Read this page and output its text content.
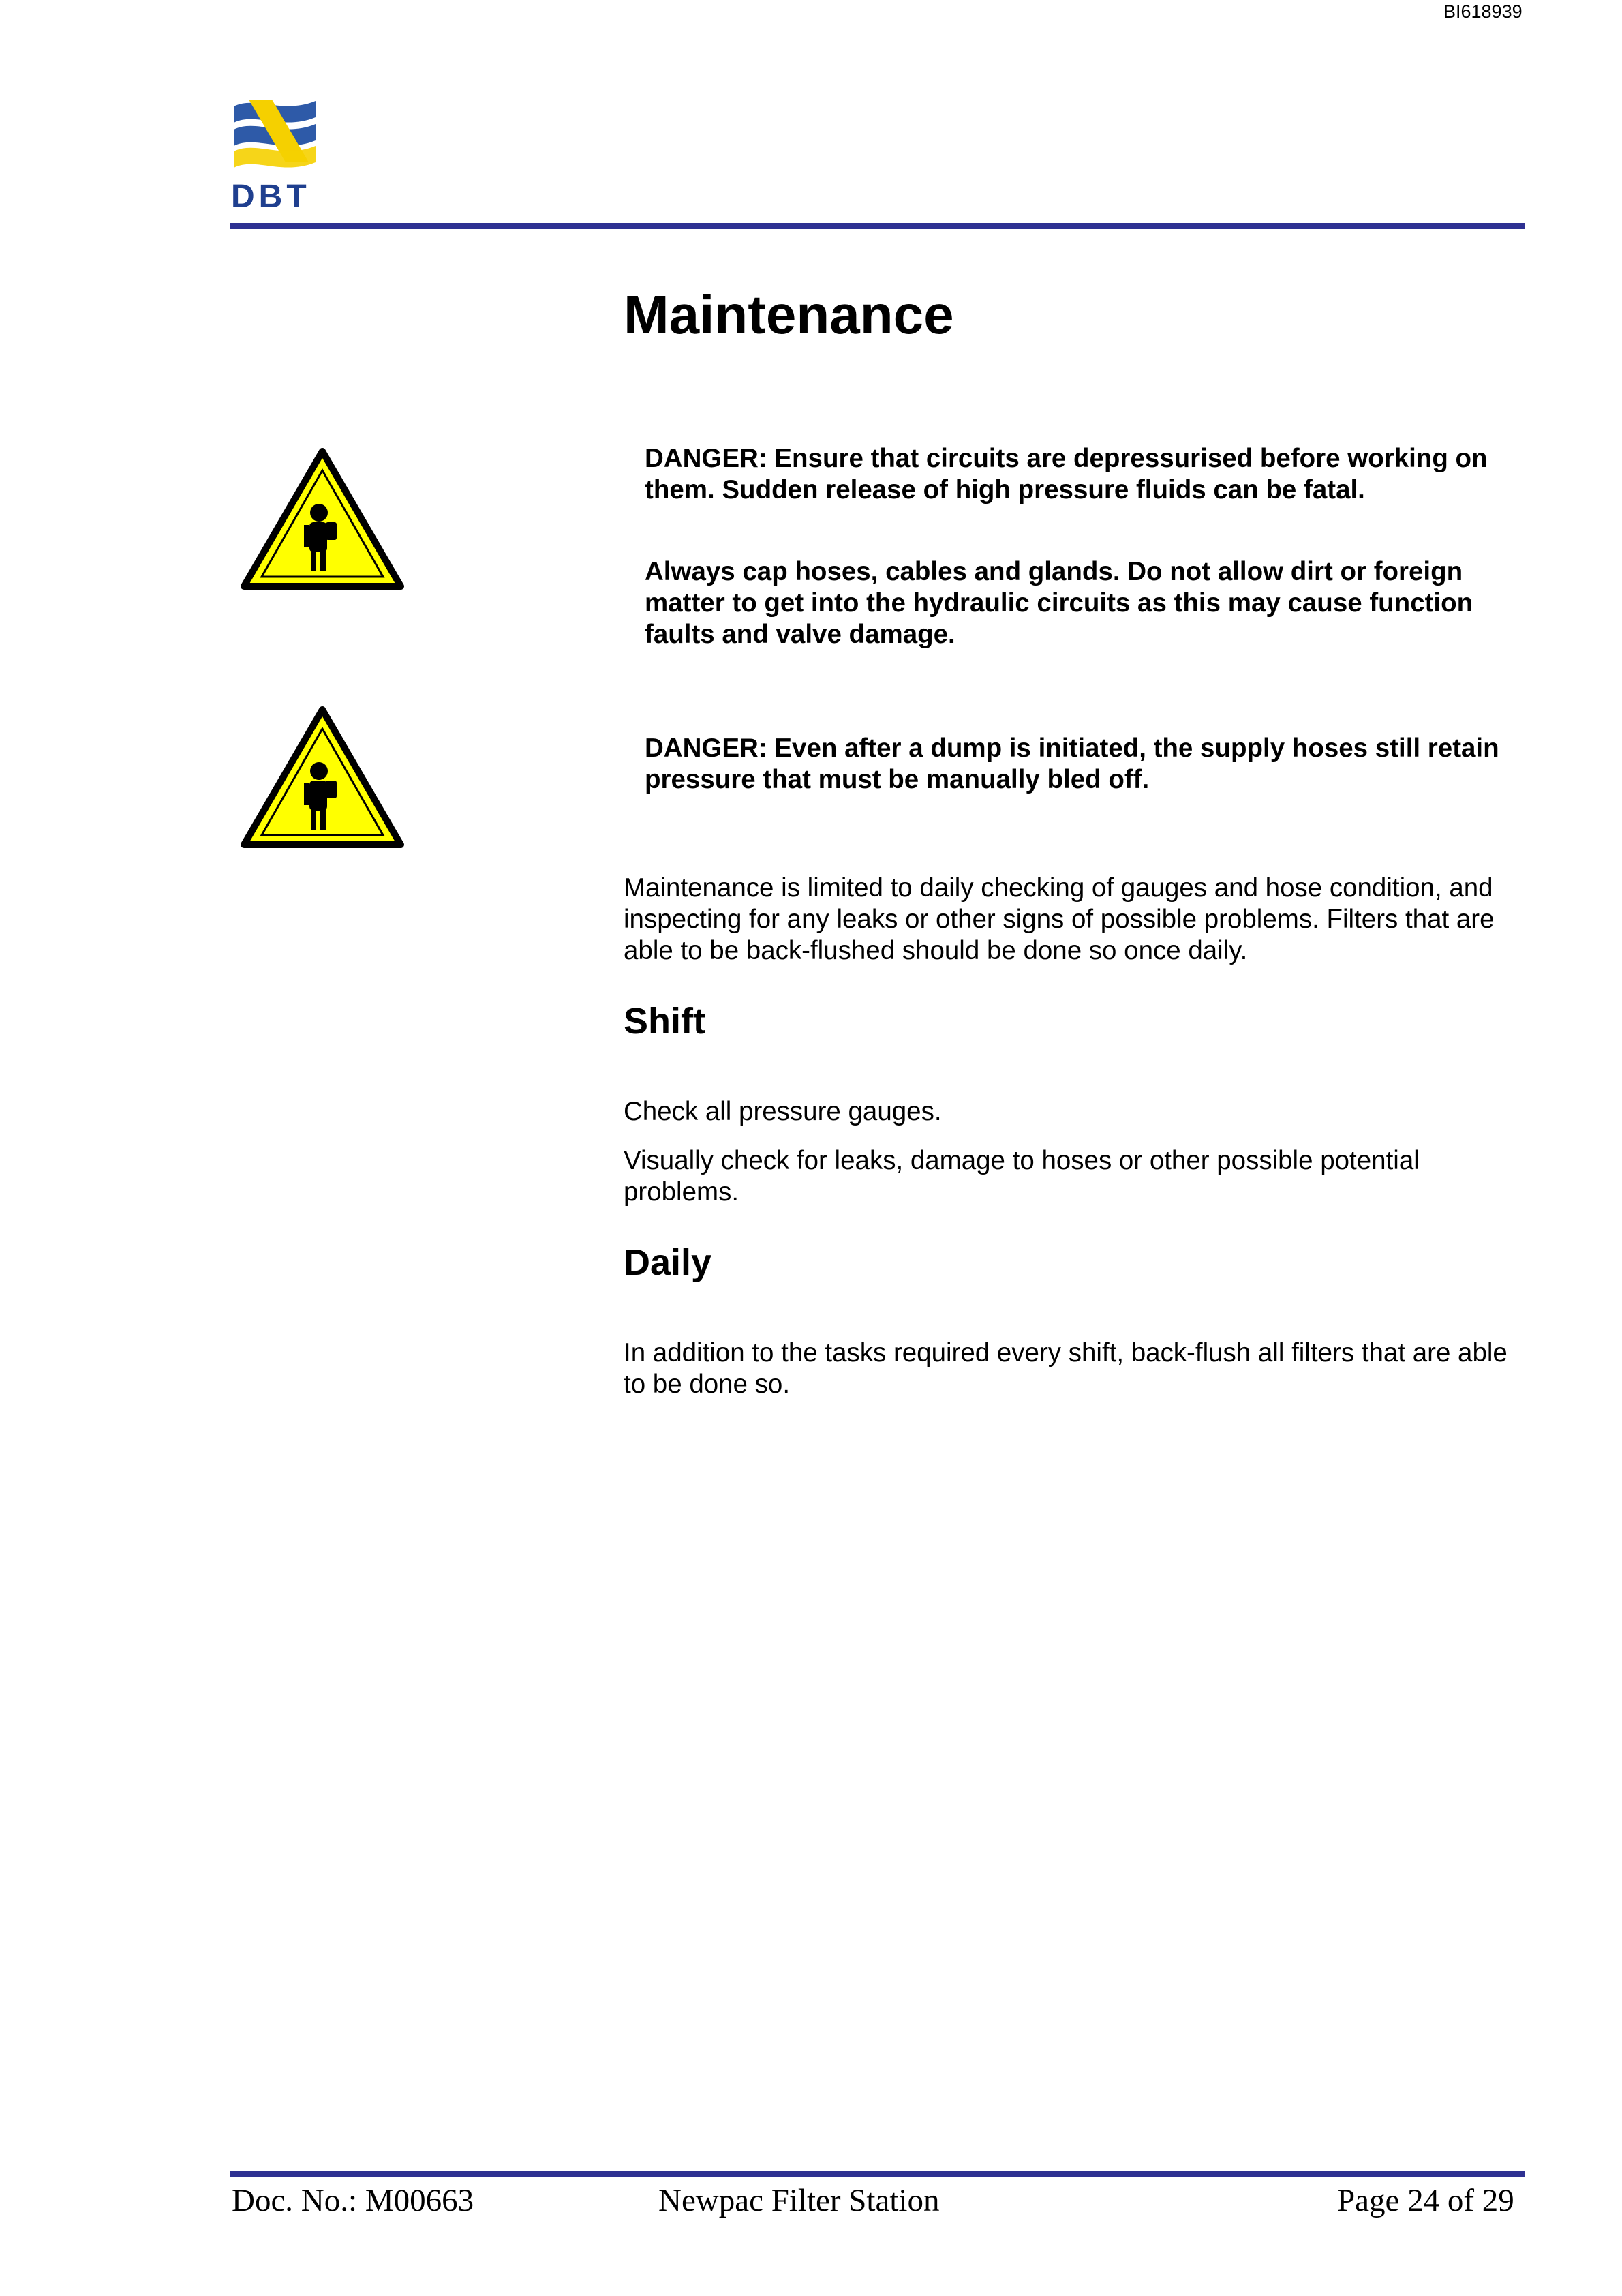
BI618939
DBT
Maintenance

DANGER: Ensure that circuits are depressurised before working on them. Sudden release of high pressure fluids can be fatal.

Always cap hoses, cables and glands. Do not allow dirt or foreign matter to get into the hydraulic circuits as this may cause function faults and valve damage.

DANGER: Even after a dump is initiated, the supply hoses still retain pressure that must be manually bled off.

Maintenance is limited to daily checking of gauges and hose condition, and inspecting for any leaks or other signs of possible problems. Filters that are able to be back-flushed should be done so once daily.

Shift

Check all pressure gauges.

Visually check for leaks, damage to hoses or other possible potential problems.

Daily

In addition to the tasks required every shift, back-flush all filters that are able to be done so.

Doc. No.: M00663	Newpac Filter Station	Page 24 of 29
